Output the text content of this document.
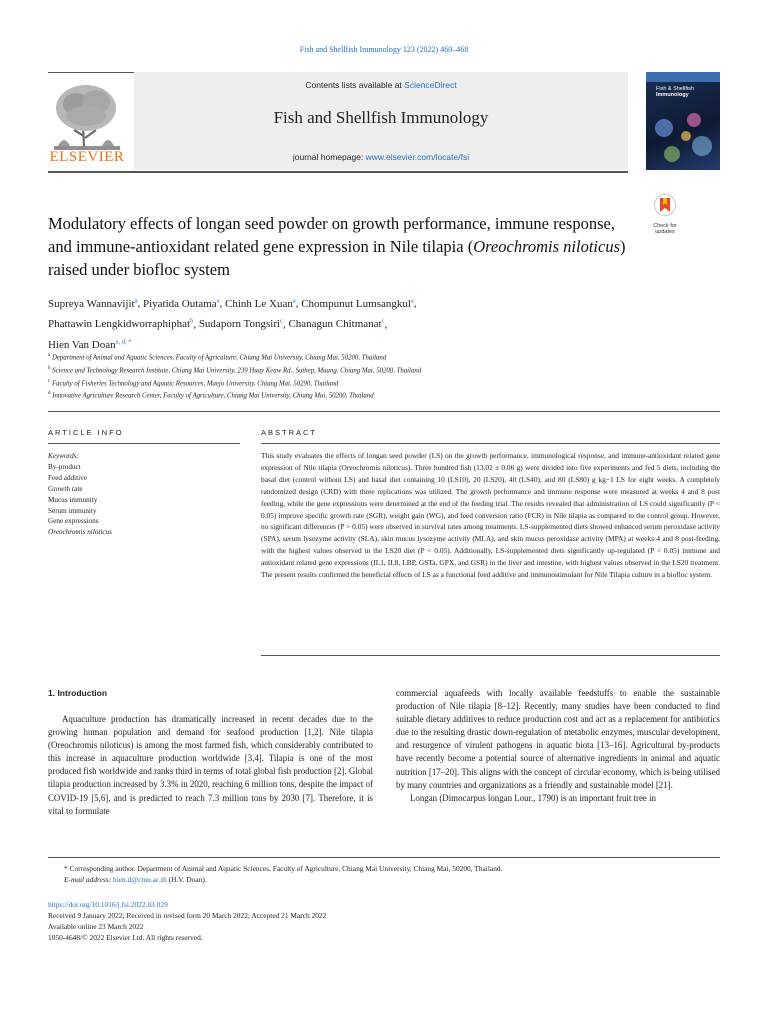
Fish and Shellfish Immunology 123 (2022) 460–468
ELSEVIER
Contents lists available at ScienceDirect
Fish and Shellfish Immunology
journal homepage: www.elsevier.com/locate/fsi
Fish & Shellfish
Immunology
Modulatory effects of longan seed powder on growth performance, immune response, and immune-antioxidant related gene expression in Nile tilapia (Oreochromis niloticus) raised under biofloc system
Check for
updates
Supreya Wannavijit$^a$, Piyatida Outama$^a$, Chinh Le Xuan$^a$, Chompunut Lumsangkul$^a$,
Phattawin Lengkidworraphiphat$^b$, Sudaporn Tongsiri$^c$, Chanagun Chitmanat$^c$,
Hien Van Doan$^{a, d, *}$
$^a$ Department of Animal and Aquatic Sciences, Faculty of Agriculture, Chiang Mai University, Chiang Mai, 50200, Thailand
$^b$ Science and Technology Research Institute, Chiang Mai University, 239 Huay Keaw Rd., Suthep, Muang, Chiang Mai, 50200, Thailand
$^c$ Faculty of Fisheries Technology and Aquatic Resources, Maejo University, Chiang Mai, 50290, Thailand
$^d$ Innovative Agriculture Research Center, Faculty of Agriculture, Chiang Mai University, Chiang Mai, 50200, Thailand
ARTICLE INFO
Keywords:
By-product
Feed additive
Growth rate
Mucus immunity
Serum immunity
Gene expressions
Oreochromis niloticus
ABSTRACT
This study evaluates the effects of longan seed powder (LS) on the growth performance, immunological response, and immune-antioxidant related gene expression of Nile tilapia (Oreochromis niloticus). Three hundred fish (13.02 ± 0.06 g) were divided into five experiments and fed 5 diets, including the basal diet (control without LS) and basal diet containing 10 (LS10), 20 (LS20), 40 (LS40), and 80 (LS80) g kg−1 LS for eight weeks. A completely randomized design (CRD) with three replications was utilized. The growth performance and immune response were measured at weeks 4 and 8 post feeding, while the gene expressions were determined at the end of the feeding trial. The results revealed that administration of LS could significantly (P < 0.05) improve specific growth rate (SGR), weight gain (WG), and feed conversion ratio (FCR) in Nile tilapia as compared to the control group. However, no significant differences (P > 0.05) were observed in survival rates among treatments. LS-supplemented diets showed enhanced serum peroxidase activity (SPA), serum lysozyme activity (SLA), skin mucus lysozyme activity (MLA), and skin mucus peroxidase activity (MPA) at weeks 4 and 8 post-feeding, with the highest values observed in the LS20 diet (P < 0.05). Additionally, LS-supplemented diets significantly up-regulated (P < 0.05) immune and antioxidant related gene expressions (IL1, IL8, LBP, GSTa, GPX, and GSR) in the liver and intestine, with highest values observed in the LS20 treatment. The present results confirmed the beneficial effects of LS as a functional feed additive and immunostimulant for Nile Tilapia culture in a biofloc system.
1. Introduction
Aquaculture production has dramatically increased in recent decades due to the growing human population and demand for seafood production [1,2]. Nile tilapia (Oreochromis niloticus) is among the most farmed fish, which considerably contributed to this increase in aquaculture production worldwide [3,4]. Tilapia is one of the most produced fish worldwide and ranks third in terms of total global fish production [2]. Global tilapia production increased by 3.3% in 2020, reaching 6 million tons, despite the impact of COVID-19 [5,6], and is predicted to reach 7.3 million tons by 2030 [7]. Therefore, it is vital to formulate
commercial aquafeeds with locally available feedstuffs to enable the sustainable production of Nile tilapia [8–12]. Recently, many studies have been conducted to find suitable dietary additives to reduce production cost and act as a replacement for antibiotics due to the resulting drastic down-regulation of metabolic enzymes, muscular development, and resurgence of virulent pathogens in aquatic biota [13–16]. Agricultural by-products have recently become a potential source of alternative ingredients in animal and aquatic nutrition [17–20]. This aligns with the concept of circular economy, which is being utilised by many countries and organizations as a friendly and sustainable model [21].
Longan (Dimocarpus longan Lour., 1790) is an important fruit tree in
* Corresponding author. Department of Animal and Aquatic Sciences, Faculty of Agriculture, Chiang Mai University, Chiang Mai, 50200, Thailand.
E-mail address: hien.d@cmu.ac.th (H.V. Doan).
https://doi.org/10.1016/j.fsi.2022.03.029
Received 9 January 2022; Received in revised form 20 March 2022; Accepted 21 March 2022
Available online 23 March 2022
1050-4648/© 2022 Elsevier Ltd. All rights reserved.
